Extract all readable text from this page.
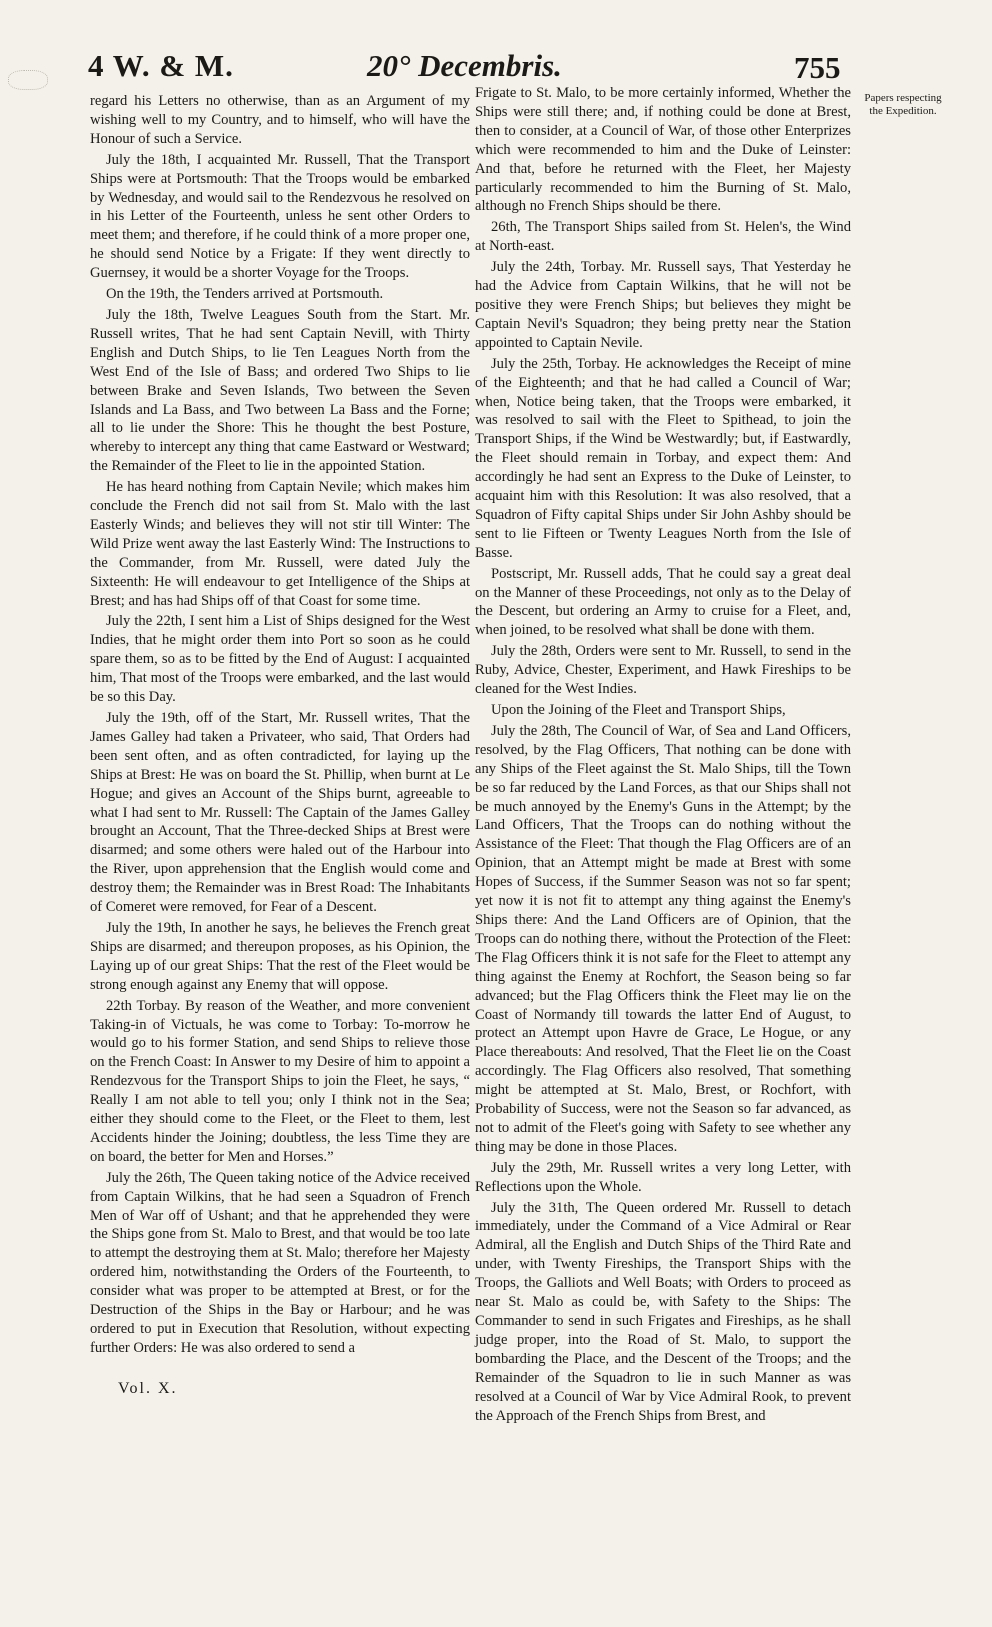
4 W. & M.	20° Decembris.	755

regard his Letters no otherwise, than as an Argument of my wishing well to my Country, and to himself, who will have the Honour of such a Service.

July the 18th, I acquainted Mr. Russell, That the Transport Ships were at Portsmouth: That the Troops would be embarked by Wednesday, and would sail to the Rendezvous he resolved on in his Letter of the Fourteenth, unless he sent other Orders to meet them; and therefore, if he could think of a more proper one, he should send Notice by a Frigate: If they went directly to Guernsey, it would be a shorter Voyage for the Troops.

On the 19th, the Tenders arrived at Portsmouth.

July the 18th, Twelve Leagues South from the Start. Mr. Russell writes, That he had sent Captain Nevill, with Thirty English and Dutch Ships, to lie Ten Leagues North from the West End of the Isle of Bass; and ordered Two Ships to lie between Brake and Seven Islands, Two between the Seven Islands and La Bass, and Two between La Bass and the Forne; all to lie under the Shore: This he thought the best Posture, whereby to intercept any thing that came Eastward or Westward; the Remainder of the Fleet to lie in the appointed Station.

He has heard nothing from Captain Nevile; which makes him conclude the French did not sail from St. Malo with the last Easterly Winds; and believes they will not stir till Winter: The Wild Prize went away the last Easterly Wind: The Instructions to the Commander, from Mr. Russell, were dated July the Sixteenth: He will endeavour to get Intelligence of the Ships at Brest; and has had Ships off of that Coast for some time.

July the 22th, I sent him a List of Ships designed for the West Indies, that he might order them into Port so soon as he could spare them, so as to be fitted by the End of August: I acquainted him, That most of the Troops were embarked, and the last would be so this Day.

July the 19th, off of the Start, Mr. Russell writes, That the James Galley had taken a Privateer, who said, That Orders had been sent often, and as often contradicted, for laying up the Ships at Brest: He was on board the St. Phillip, when burnt at Le Hogue; and gives an Account of the Ships burnt, agreeable to what I had sent to Mr. Russell: The Captain of the James Galley brought an Account, That the Three-decked Ships at Brest were disarmed; and some others were haled out of the Harbour into the River, upon apprehension that the English would come and destroy them; the Remainder was in Brest Road: The Inhabitants of Comeret were removed, for Fear of a Descent.

July the 19th, In another he says, he believes the French great Ships are disarmed; and thereupon proposes, as his Opinion, the Laying up of our great Ships: That the rest of the Fleet would be strong enough against any Enemy that will oppose.

22th Torbay. By reason of the Weather, and more convenient Taking-in of Victuals, he was come to Torbay: To-morrow he would go to his former Station, and send Ships to relieve those on the French Coast: In Answer to my Desire of him to appoint a Rendezvous for the Transport Ships to join the Fleet, he says, “ Really I am not able to tell you; only I think not in the Sea; either they should come to the Fleet, or the Fleet to them, lest Accidents hinder the Joining; doubtless, the less Time they are on board, the better for Men and Horses.”

July the 26th, The Queen taking notice of the Advice received from Captain Wilkins, that he had seen a Squadron of French Men of War off of Ushant; and that he apprehended they were the Ships gone from St. Malo to Brest, and that would be too late to attempt the destroying them at St. Malo; therefore her Majesty ordered him, notwithstanding the Orders of the Fourteenth, to consider what was proper to be attempted at Brest, or for the Destruction of the Ships in the Bay or Harbour; and he was ordered to put in Execution that Resolution, without expecting further Orders: He was also ordered to send a

Frigate to St. Malo, to be more certainly informed, Whether the Ships were still there; and, if nothing could be done at Brest, then to consider, at a Council of War, of those other Enterprizes which were recommended to him and the Duke of Leinster: And that, before he returned with the Fleet, her Majesty particularly recommended to him the Burning of St. Malo, although no French Ships should be there.

26th, The Transport Ships sailed from St. Helen's, the Wind at North-east.

July the 24th, Torbay. Mr. Russell says, That Yesterday he had the Advice from Captain Wilkins, that he will not be positive they were French Ships; but believes they might be Captain Nevil's Squadron; they being pretty near the Station appointed to Captain Nevile.

July the 25th, Torbay. He acknowledges the Receipt of mine of the Eighteenth; and that he had called a Council of War; when, Notice being taken, that the Troops were embarked, it was resolved to sail with the Fleet to Spithead, to join the Transport Ships, if the Wind be Westwardly; but, if Eastwardly, the Fleet should remain in Torbay, and expect them: And accordingly he had sent an Express to the Duke of Leinster, to acquaint him with this Resolution: It was also resolved, that a Squadron of Fifty capital Ships under Sir John Ashby should be sent to lie Fifteen or Twenty Leagues North from the Isle of Basse.

Postscript, Mr. Russell adds, That he could say a great deal on the Manner of these Proceedings, not only as to the Delay of the Descent, but ordering an Army to cruise for a Fleet, and, when joined, to be resolved what shall be done with them.

July the 28th, Orders were sent to Mr. Russell, to send in the Ruby, Advice, Chester, Experiment, and Hawk Fireships to be cleaned for the West Indies.

Upon the Joining of the Fleet and Transport Ships,

July the 28th, The Council of War, of Sea and Land Officers, resolved, by the Flag Officers, That nothing can be done with any Ships of the Fleet against the St. Malo Ships, till the Town be so far reduced by the Land Forces, as that our Ships shall not be much annoyed by the Enemy's Guns in the Attempt; by the Land Officers, That the Troops can do nothing without the Assistance of the Fleet: That though the Flag Officers are of an Opinion, that an Attempt might be made at Brest with some Hopes of Success, if the Summer Season was not so far spent; yet now it is not fit to attempt any thing against the Enemy's Ships there: And the Land Officers are of Opinion, that the Troops can do nothing there, without the Protection of the Fleet: The Flag Officers think it is not safe for the Fleet to attempt any thing against the Enemy at Rochfort, the Season being so far advanced; but the Flag Officers think the Fleet may lie on the Coast of Normandy till towards the latter End of August, to protect an Attempt upon Havre de Grace, Le Hogue, or any Place thereabouts: And resolved, That the Fleet lie on the Coast accordingly. The Flag Officers also resolved, That something might be attempted at St. Malo, Brest, or Rochfort, with Probability of Success, were not the Season so far advanced, as not to admit of the Fleet's going with Safety to see whether any thing may be done in those Places.

July the 29th, Mr. Russell writes a very long Letter, with Reflections upon the Whole.

July the 31th, The Queen ordered Mr. Russell to detach immediately, under the Command of a Vice Admiral or Rear Admiral, all the English and Dutch Ships of the Third Rate and under, with Twenty Fireships, the Transport Ships with the Troops, the Galliots and Well Boats; with Orders to proceed as near St. Malo as could be, with Safety to the Ships: The Commander to send in such Frigates and Fireships, as he shall judge proper, into the Road of St. Malo, to support the bombarding the Place, and the Descent of the Troops; and the Remainder of the Squadron to lie in such Manner as was resolved at a Council of War by Vice Admiral Rook, to prevent the Approach of the French Ships from Brest, and

Papers respecting the Expedition.
Vol. X.
